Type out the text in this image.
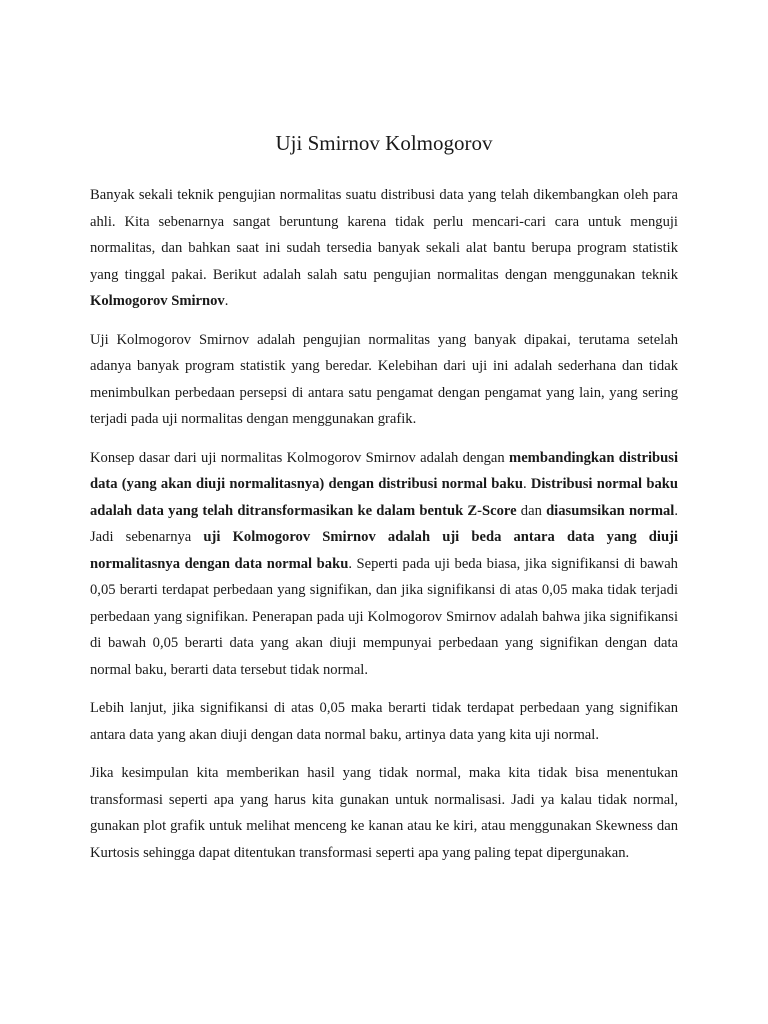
Uji Smirnov Kolmogorov

Banyak sekali teknik pengujian normalitas suatu distribusi data yang telah dikembangkan oleh para ahli. Kita sebenarnya sangat beruntung karena tidak perlu mencari-cari cara untuk menguji normalitas, dan bahkan saat ini sudah tersedia banyak sekali alat bantu berupa program statistik yang tinggal pakai. Berikut adalah salah satu pengujian normalitas dengan menggunakan teknik Kolmogorov Smirnov.

Uji Kolmogorov Smirnov adalah pengujian normalitas yang banyak dipakai, terutama setelah adanya banyak program statistik yang beredar. Kelebihan dari uji ini adalah sederhana dan tidak menimbulkan perbedaan persepsi di antara satu pengamat dengan pengamat yang lain, yang sering terjadi pada uji normalitas dengan menggunakan grafik.

Konsep dasar dari uji normalitas Kolmogorov Smirnov adalah dengan membandingkan distribusi data (yang akan diuji normalitasnya) dengan distribusi normal baku. Distribusi normal baku adalah data yang telah ditransformasikan ke dalam bentuk Z-Score dan diasumsikan normal. Jadi sebenarnya uji Kolmogorov Smirnov adalah uji beda antara data yang diuji normalitasnya dengan data normal baku. Seperti pada uji beda biasa, jika signifikansi di bawah 0,05 berarti terdapat perbedaan yang signifikan, dan jika signifikansi di atas 0,05 maka tidak terjadi perbedaan yang signifikan. Penerapan pada uji Kolmogorov Smirnov adalah bahwa jika signifikansi di bawah 0,05 berarti data yang akan diuji mempunyai perbedaan yang signifikan dengan data normal baku, berarti data tersebut tidak normal.

Lebih lanjut, jika signifikansi di atas 0,05 maka berarti tidak terdapat perbedaan yang signifikan antara data yang akan diuji dengan data normal baku, artinya data yang kita uji normal.

Jika kesimpulan kita memberikan hasil yang tidak normal, maka kita tidak bisa menentukan transformasi seperti apa yang harus kita gunakan untuk normalisasi. Jadi ya kalau tidak normal, gunakan plot grafik untuk melihat menceng ke kanan atau ke kiri, atau menggunakan Skewness dan Kurtosis sehingga dapat ditentukan transformasi seperti apa yang paling tepat dipergunakan.
